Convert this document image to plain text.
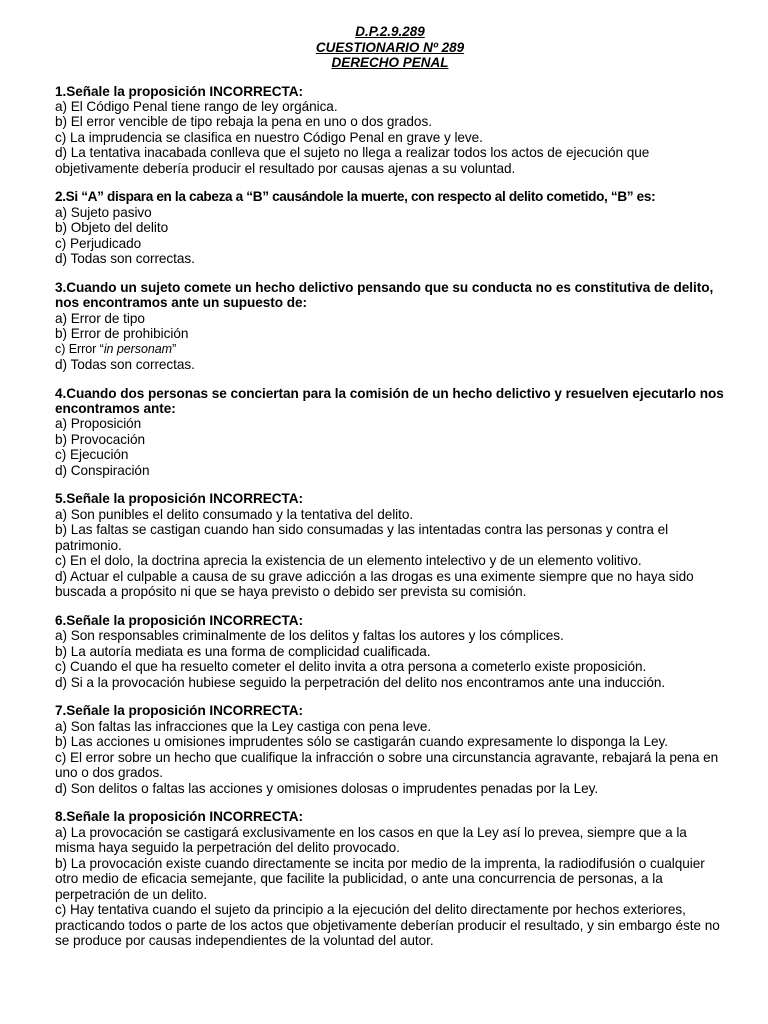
D.P.2.9.289
CUESTIONARIO Nº 289
DERECHO PENAL
1.Señale la proposición INCORRECTA:
a) El Código Penal tiene rango de ley orgánica.
b) El error vencible de tipo rebaja la pena en uno o dos grados.
c) La imprudencia se clasifica en nuestro Código Penal en grave y leve.
d) La tentativa inacabada conlleva que el sujeto no llega a realizar todos los actos de ejecución que objetivamente debería producir el resultado por causas ajenas a su voluntad.
2.Si “A” dispara en la cabeza a “B” causándole la muerte, con respecto al delito cometido, “B” es:
a) Sujeto pasivo
b) Objeto del delito
c) Perjudicado
d) Todas son correctas.
3.Cuando un sujeto comete un hecho delictivo pensando que su conducta no es constitutiva de delito, nos encontramos ante un supuesto de:
a) Error de tipo
b) Error de prohibición
c) Error “in personam”
d) Todas son correctas.
4.Cuando dos personas se conciertan para la comisión de un hecho delictivo y resuelven ejecutarlo nos encontramos ante:
a) Proposición
b) Provocación
c) Ejecución
d) Conspiración
5.Señale la proposición INCORRECTA:
a) Son punibles el delito consumado y la tentativa del delito.
b) Las faltas se castigan cuando han sido consumadas y las intentadas contra las personas y contra el patrimonio.
c) En el dolo, la doctrina aprecia la existencia de un elemento intelectivo y de un elemento volitivo.
d) Actuar el culpable a causa de su grave adicción a las drogas es una eximente siempre que no haya sido buscada a propósito ni que se haya previsto o debido ser prevista su comisión.
6.Señale la proposición INCORRECTA:
a) Son responsables criminalmente de los delitos y faltas los autores y los cómplices.
b) La autoría mediata es una forma de complicidad cualificada.
c) Cuando el que ha resuelto cometer el delito invita a otra persona a cometerlo existe proposición.
d) Si a la provocación hubiese seguido la perpetración del delito nos encontramos ante una inducción.
7.Señale la proposición INCORRECTA:
a) Son faltas las infracciones que la Ley castiga con pena leve.
b) Las acciones u omisiones imprudentes sólo se castigarán cuando expresamente lo disponga la Ley.
c) El error sobre un hecho que cualifique la infracción o sobre una circunstancia agravante, rebajará la pena en uno o dos grados.
d) Son delitos o faltas las acciones y omisiones dolosas o imprudentes penadas por la Ley.
8.Señale la proposición INCORRECTA:
a) La provocación se castigará exclusivamente en los casos en que la Ley así lo prevea, siempre que a la misma haya seguido la perpetración del delito provocado.
b) La provocación existe cuando directamente se incita por medio de la imprenta, la radiodifusión o cualquier otro medio de eficacia semejante, que facilite la publicidad, o ante una concurrencia de personas, a la perpetración de un delito.
c) Hay tentativa cuando el sujeto da principio a la ejecución del delito directamente por hechos exteriores, practicando todos o parte de los actos que objetivamente deberían producir el resultado, y sin embargo éste no se produce por causas independientes de la voluntad del autor.
